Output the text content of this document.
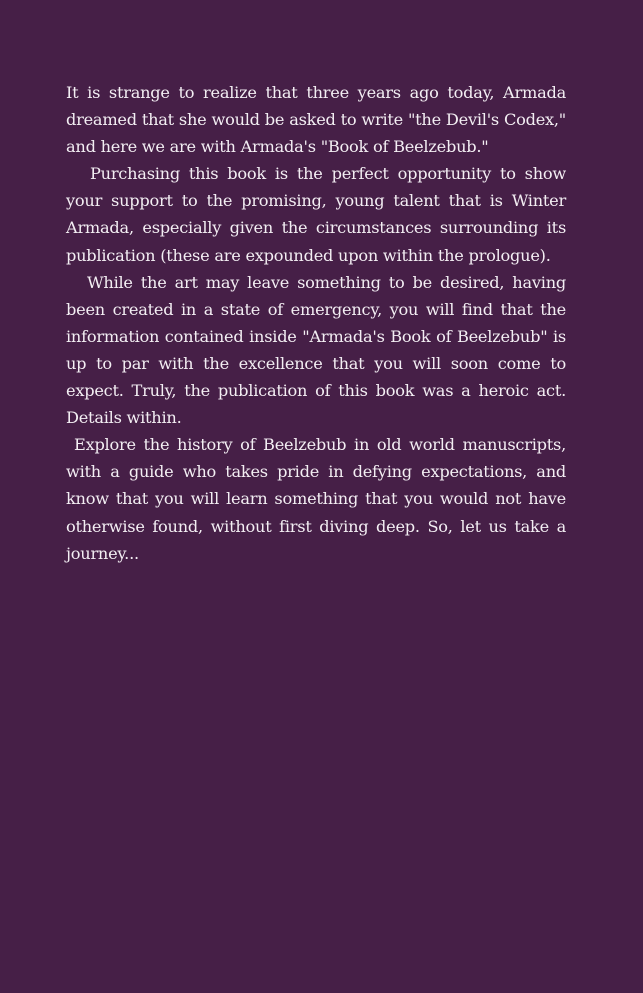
It is strange to realize that three years ago today, Armada dreamed that she would be asked to write "the Devil's Codex," and here we are with Armada's "Book of Beelzebub."

Purchasing this book is the perfect opportunity to show your support to the promising, young talent that is Winter Armada, especially given the circumstances surrounding its publication (these are expounded upon within the prologue).

While the art may leave something to be desired, having been created in a state of emergency, you will find that the information contained inside "Armada's Book of Beelzebub" is up to par with the excellence that you will soon come to expect. Truly, the publication of this book was a heroic act. Details within.

Explore the history of Beelzebub in old world manuscripts, with a guide who takes pride in defying expectations, and know that you will learn something that you would not have otherwise found, without first diving deep. So, let us take a journey...
